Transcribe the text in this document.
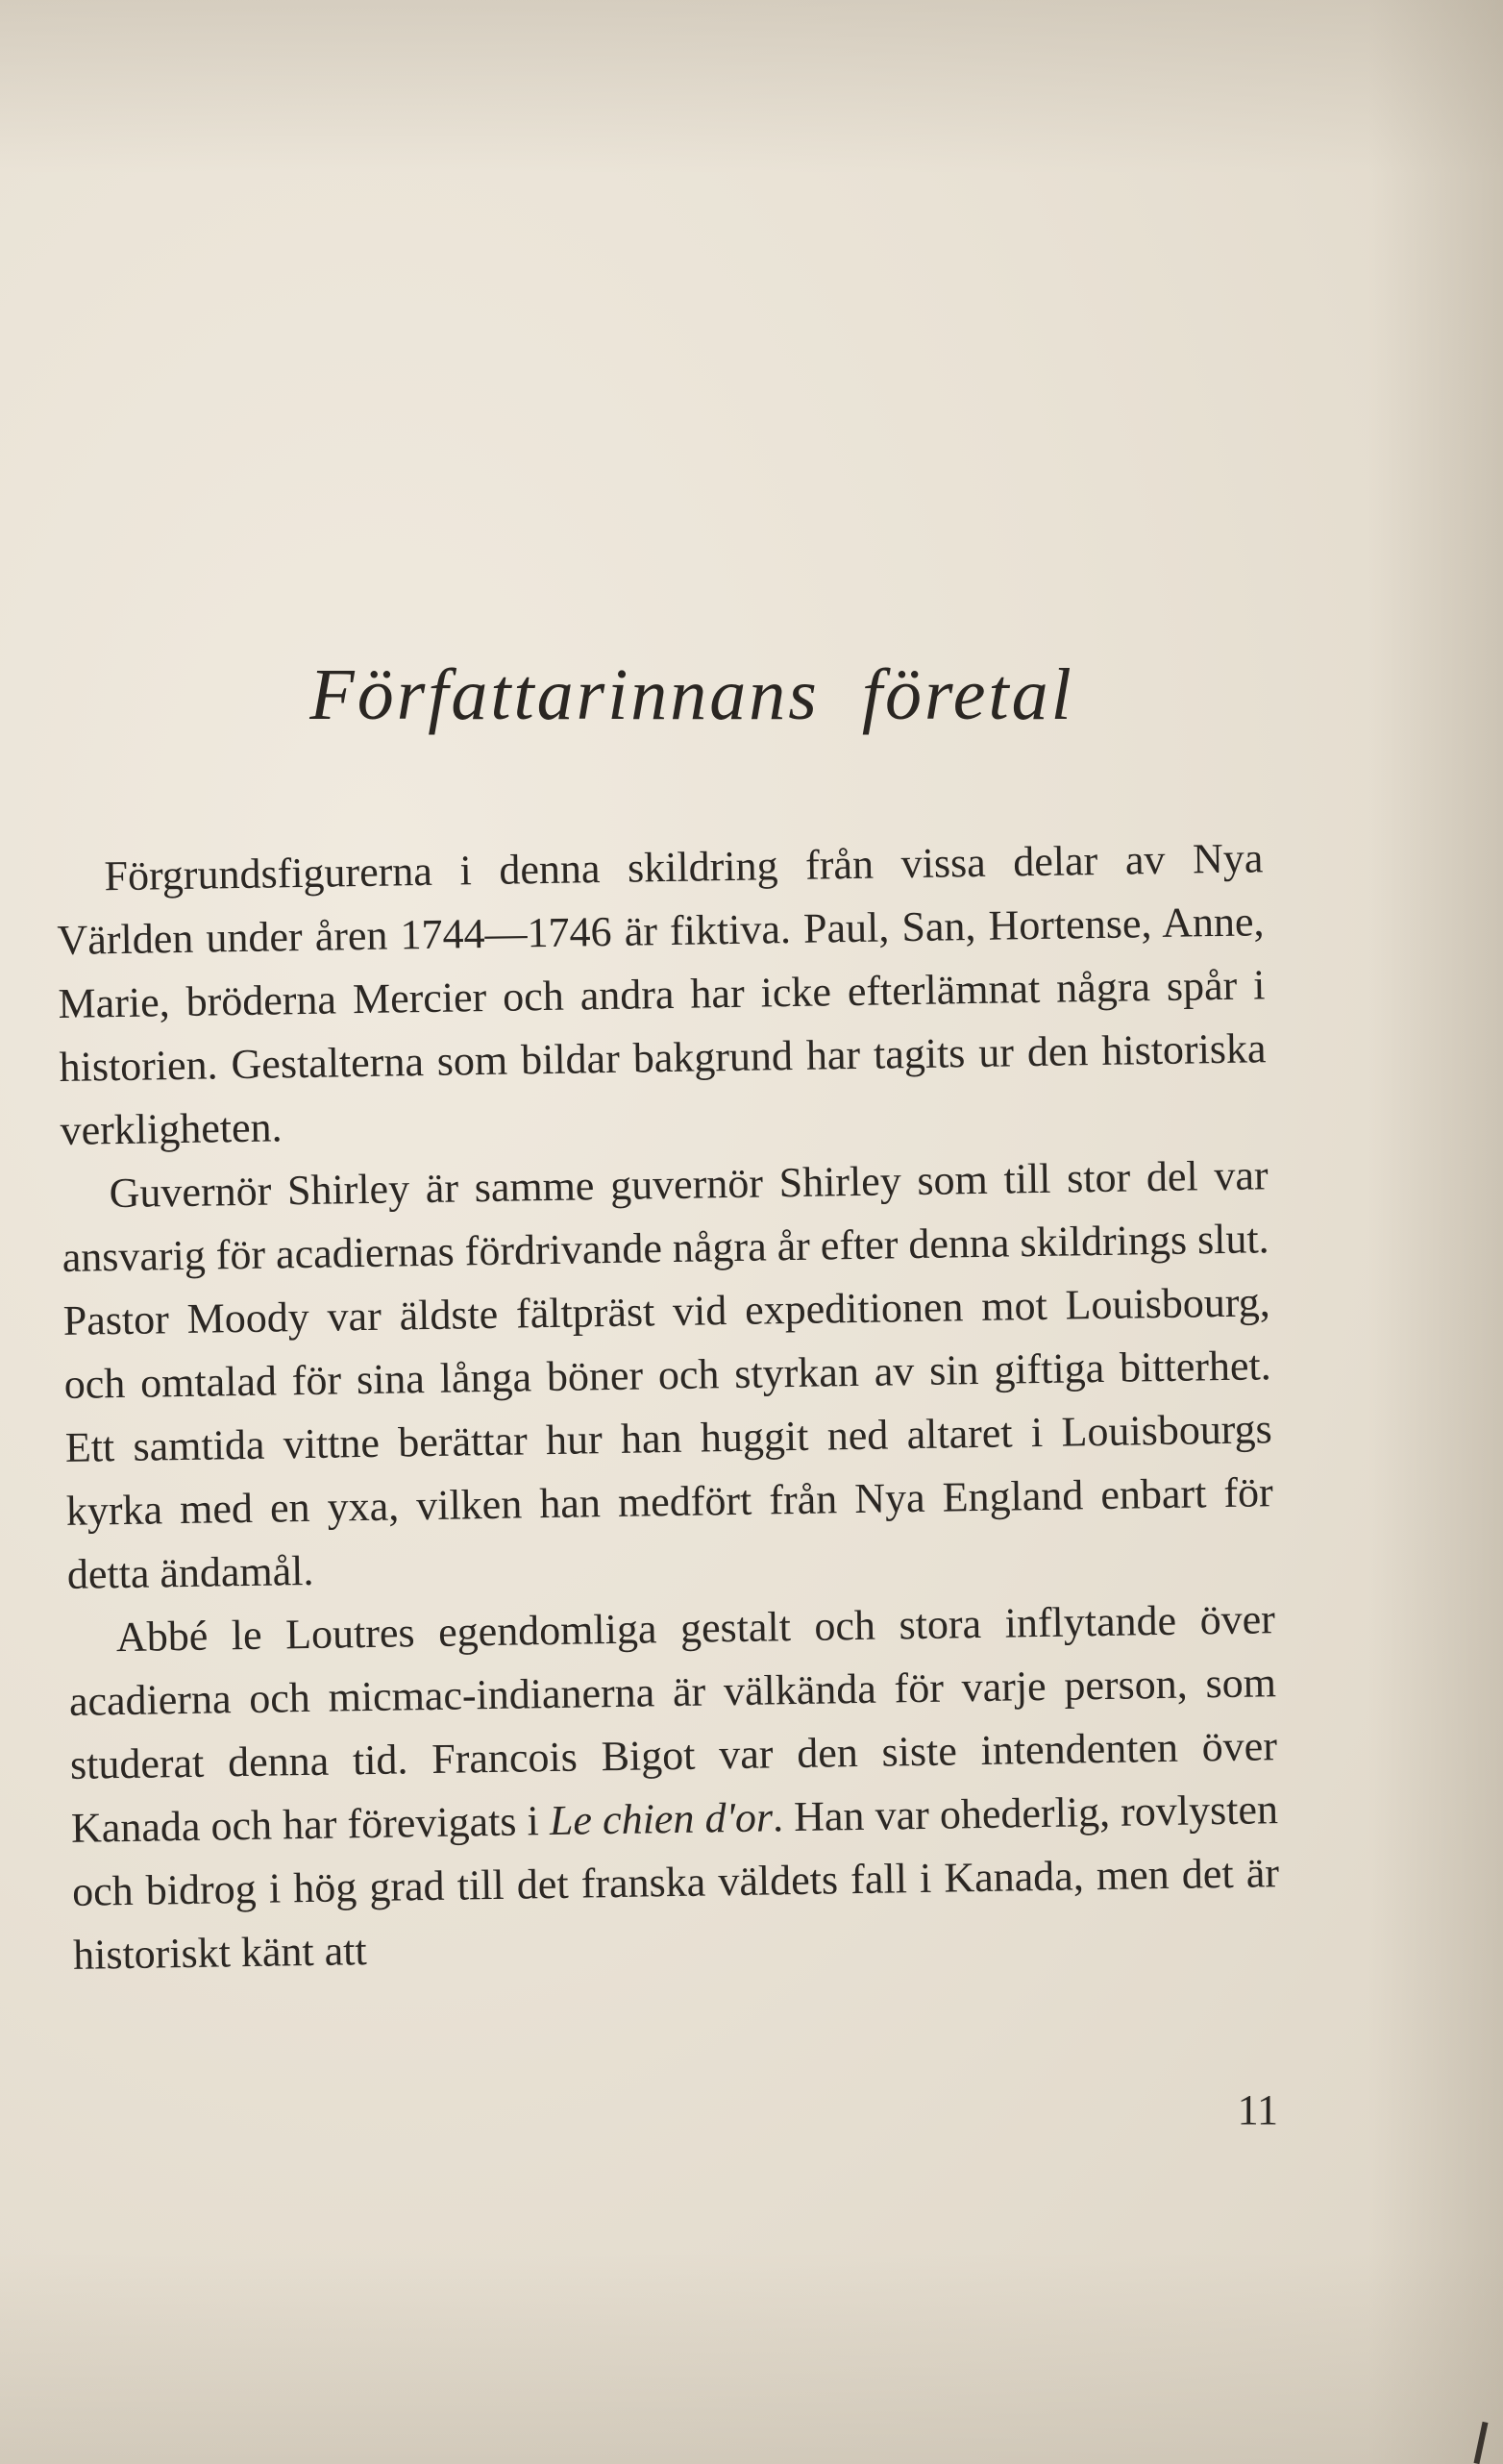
Författarinnans företal

Förgrundsfigurerna i denna skildring från vissa delar av Nya Världen under åren 1744—1746 är fiktiva. Paul, San, Hortense, Anne, Marie, bröderna Mercier och andra har icke efterlämnat några spår i historien. Gestalterna som bildar bakgrund har tagits ur den historiska verkligheten.

Guvernör Shirley är samme guvernör Shirley som till stor del var ansvarig för acadiernas fördrivande några år efter denna skildrings slut. Pastor Moody var äldste fältpräst vid expeditionen mot Louisbourg, och omtalad för sina långa böner och styrkan av sin giftiga bitterhet. Ett samtida vittne berättar hur han huggit ned altaret i Louisbourgs kyrka med en yxa, vilken han medfört från Nya England enbart för detta ändamål.

Abbé le Loutres egendomliga gestalt och stora inflytande över acadierna och micmac-indianerna är välkända för varje person, som studerat denna tid. Francois Bigot var den siste intendenten över Kanada och har förevigats i Le chien d'or. Han var ohederlig, rovlysten och bidrog i hög grad till det franska väldets fall i Kanada, men det är historiskt känt att

11
